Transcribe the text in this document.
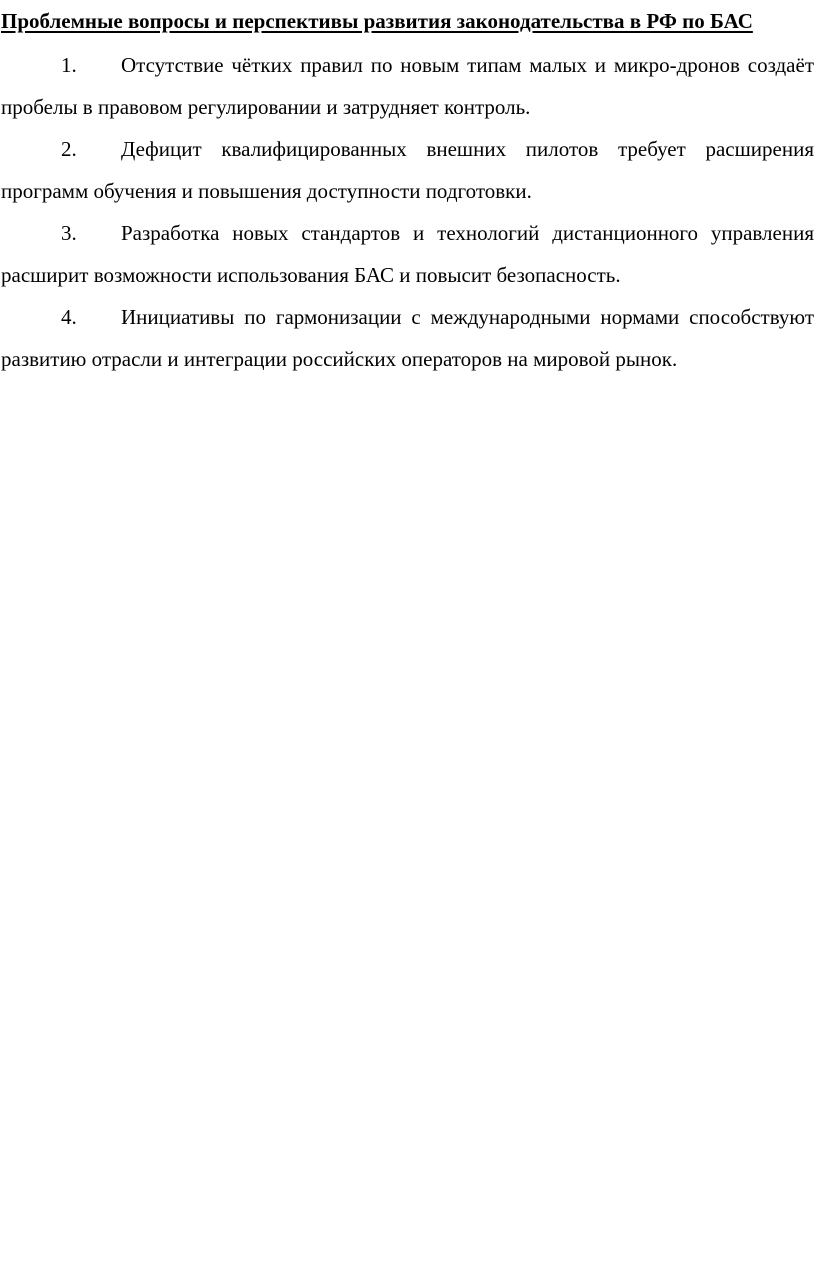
Проблемные вопросы и перспективы развития законодательства в РФ по БАС
1. Отсутствие чётких правил по новым типам малых и микро-дронов создаёт пробелы в правовом регулировании и затрудняет контроль.
2. Дефицит квалифицированных внешних пилотов требует расширения программ обучения и повышения доступности подготовки.
3. Разработка новых стандартов и технологий дистанционного управления расширит возможности использования БАС и повысит безопасность.
4. Инициативы по гармонизации с международными нормами способствуют развитию отрасли и интеграции российских операторов на мировой рынок.
